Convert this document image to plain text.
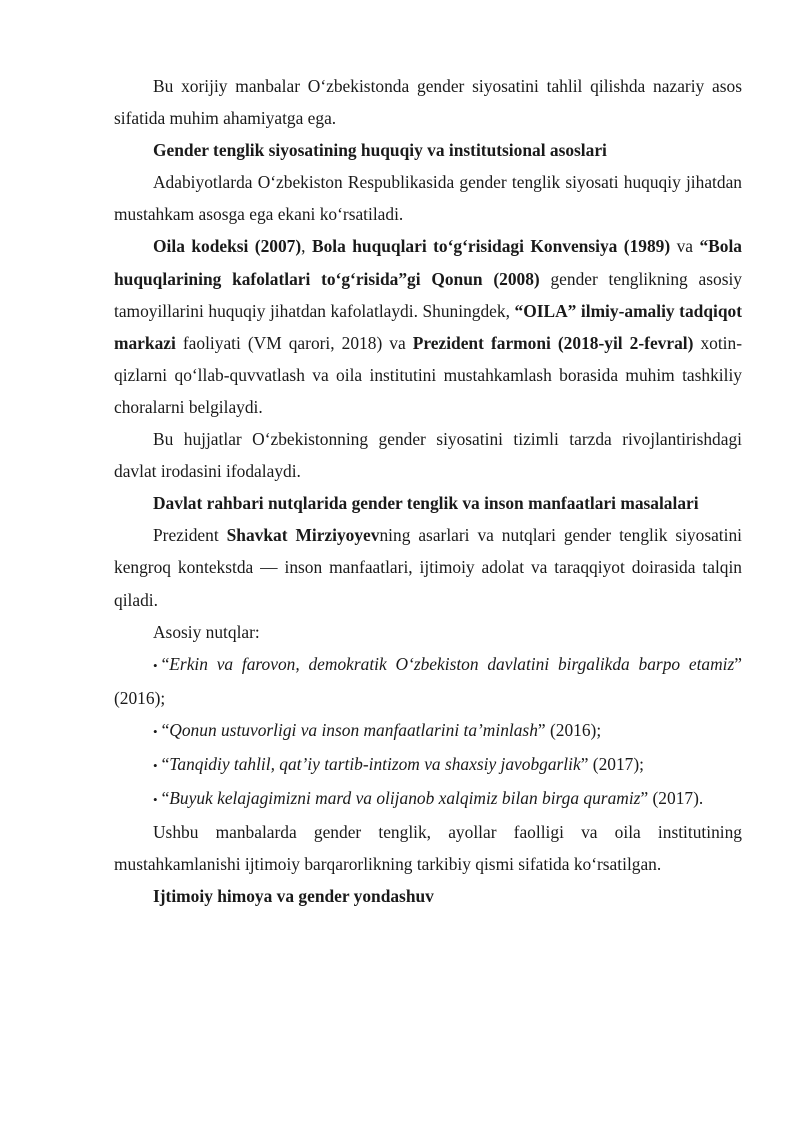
Bu xorijiy manbalar O‘zbekistonda gender siyosatini tahlil qilishda nazariy asos sifatida muhim ahamiyatga ega.

Gender tenglik siyosatining huquqiy va institutsional asoslari

Adabiyotlarda O‘zbekiston Respublikasida gender tenglik siyosati huquqiy jihatdan mustahkam asosga ega ekani ko‘rsatiladi.

Oila kodeksi (2007), Bola huquqlari to‘g‘risidagi Konvensiya (1989) va “Bola huquqlarining kafolatlari to‘g‘risida”gi Qonun (2008) gender tenglikning asosiy tamoyillarini huquqiy jihatdan kafolatlaydi. Shuningdek, “OILA” ilmiy-amaliy tadqiqot markazi faoliyati (VM qarori, 2018) va Prezident farmoni (2018-yil 2-fevral) xotin-qizlarni qo‘llab-quvvatlash va oila institutini mustahkamlash borasida muhim tashkiliy choralarni belgilaydi.

Bu hujjatlar O‘zbekistonning gender siyosatini tizimli tarzda rivojlantirishdagi davlat irodasini ifodalaydi.

Davlat rahbari nutqlarida gender tenglik va inson manfaatlari masalalari

Prezident Shavkat Mirziyoyevning asarlari va nutqlari gender tenglik siyosatini kengroq kontekstda — inson manfaatlari, ijtimoiy adolat va taraqqiyot doirasida talqin qiladi.

Asosiy nutqlar:

• “Erkin va farovon, demokratik O‘zbekiston davlatini birgalikda barpo etamiz” (2016);

• “Qonun ustuvorligi va inson manfaatlarini ta’minlash” (2016);

• “Tanqidiy tahlil, qat’iy tartib-intizom va shaxsiy javobgarlik” (2017);

• “Buyuk kelajagimizni mard va olijanob xalqimiz bilan birga quramiz” (2017).

Ushbu manbalarda gender tenglik, ayollar faolligi va oila institutining mustahkamlanishi ijtimoiy barqarorlikning tarkibiy qismi sifatida ko‘rsatilgan.

Ijtimoiy himoya va gender yondashuv
